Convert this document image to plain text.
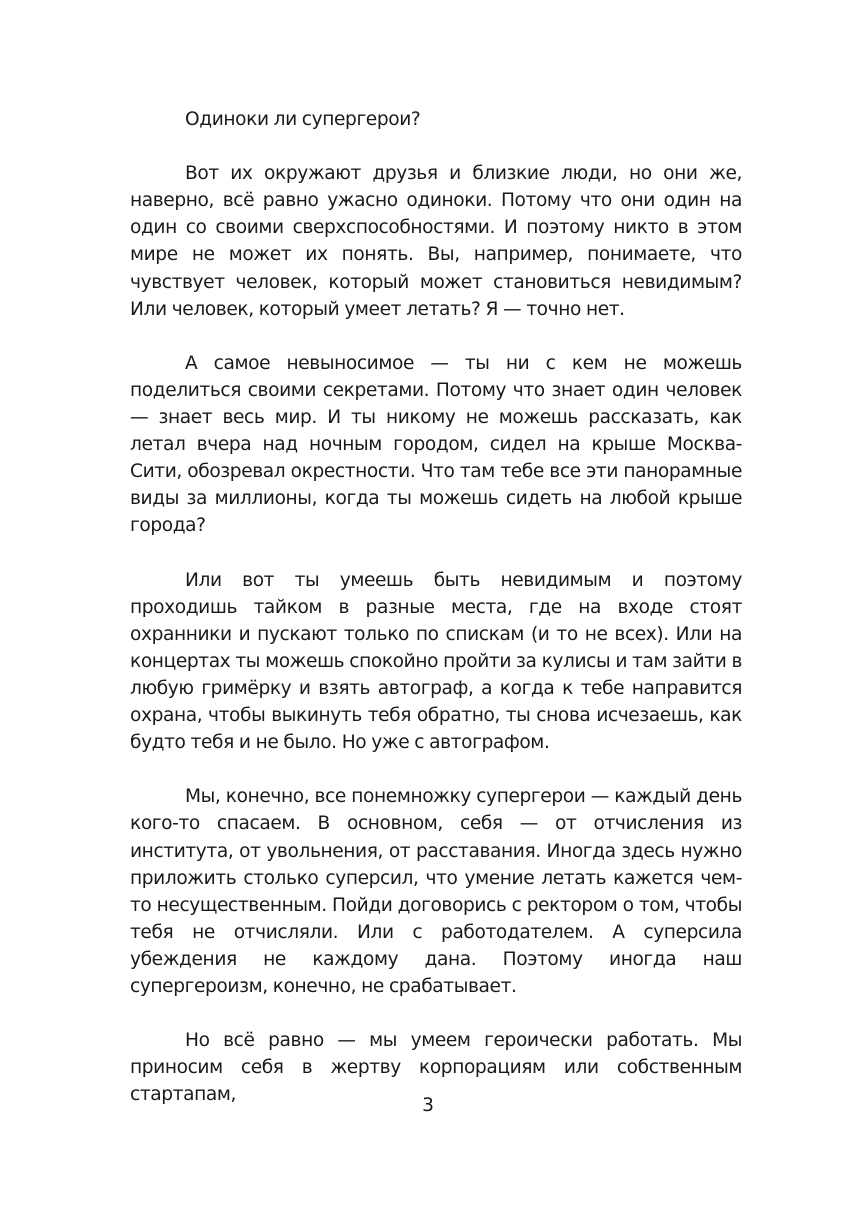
Одиноки ли супергерои?

Вот их окружают друзья и близкие люди, но они же, наверно, всё равно ужасно одиноки. Потому что они один на один со своими сверхспособностями. И поэтому никто в этом мире не может их понять. Вы, например, понимаете, что чувствует человек, который может становиться невидимым? Или человек, который умеет летать? Я — точно нет.

А самое невыносимое — ты ни с кем не можешь поделиться своими секретами. Потому что знает один человек — знает весь мир. И ты никому не можешь рассказать, как летал вчера над ночным городом, сидел на крыше Москва-Сити, обозревал окрестности. Что там тебе все эти панорамные виды за миллионы, когда ты можешь сидеть на любой крыше города?

Или вот ты умеешь быть невидимым и поэтому проходишь тайком в разные места, где на входе стоят охранники и пускают только по спискам (и то не всех). Или на концертах ты можешь спокойно пройти за кулисы и там зайти в любую гримёрку и взять автограф, а когда к тебе направится охрана, чтобы выкинуть тебя обратно, ты снова исчезаешь, как будто тебя и не было. Но уже с автографом.

Мы, конечно, все понемножку супергерои — каждый день кого-то спасаем. В основном, себя — от отчисления из института, от увольнения, от расставания. Иногда здесь нужно приложить столько суперсил, что умение летать кажется чем-то несущественным. Пойди договорись с ректором о том, чтобы тебя не отчисляли. Или с работодателем. А суперсила убеждения не каждому дана. Поэтому иногда наш супергероизм, конечно, не срабатывает.

Но всё равно — мы умеем героически работать. Мы приносим себя в жертву корпорациям или собственным стартапам,

3
